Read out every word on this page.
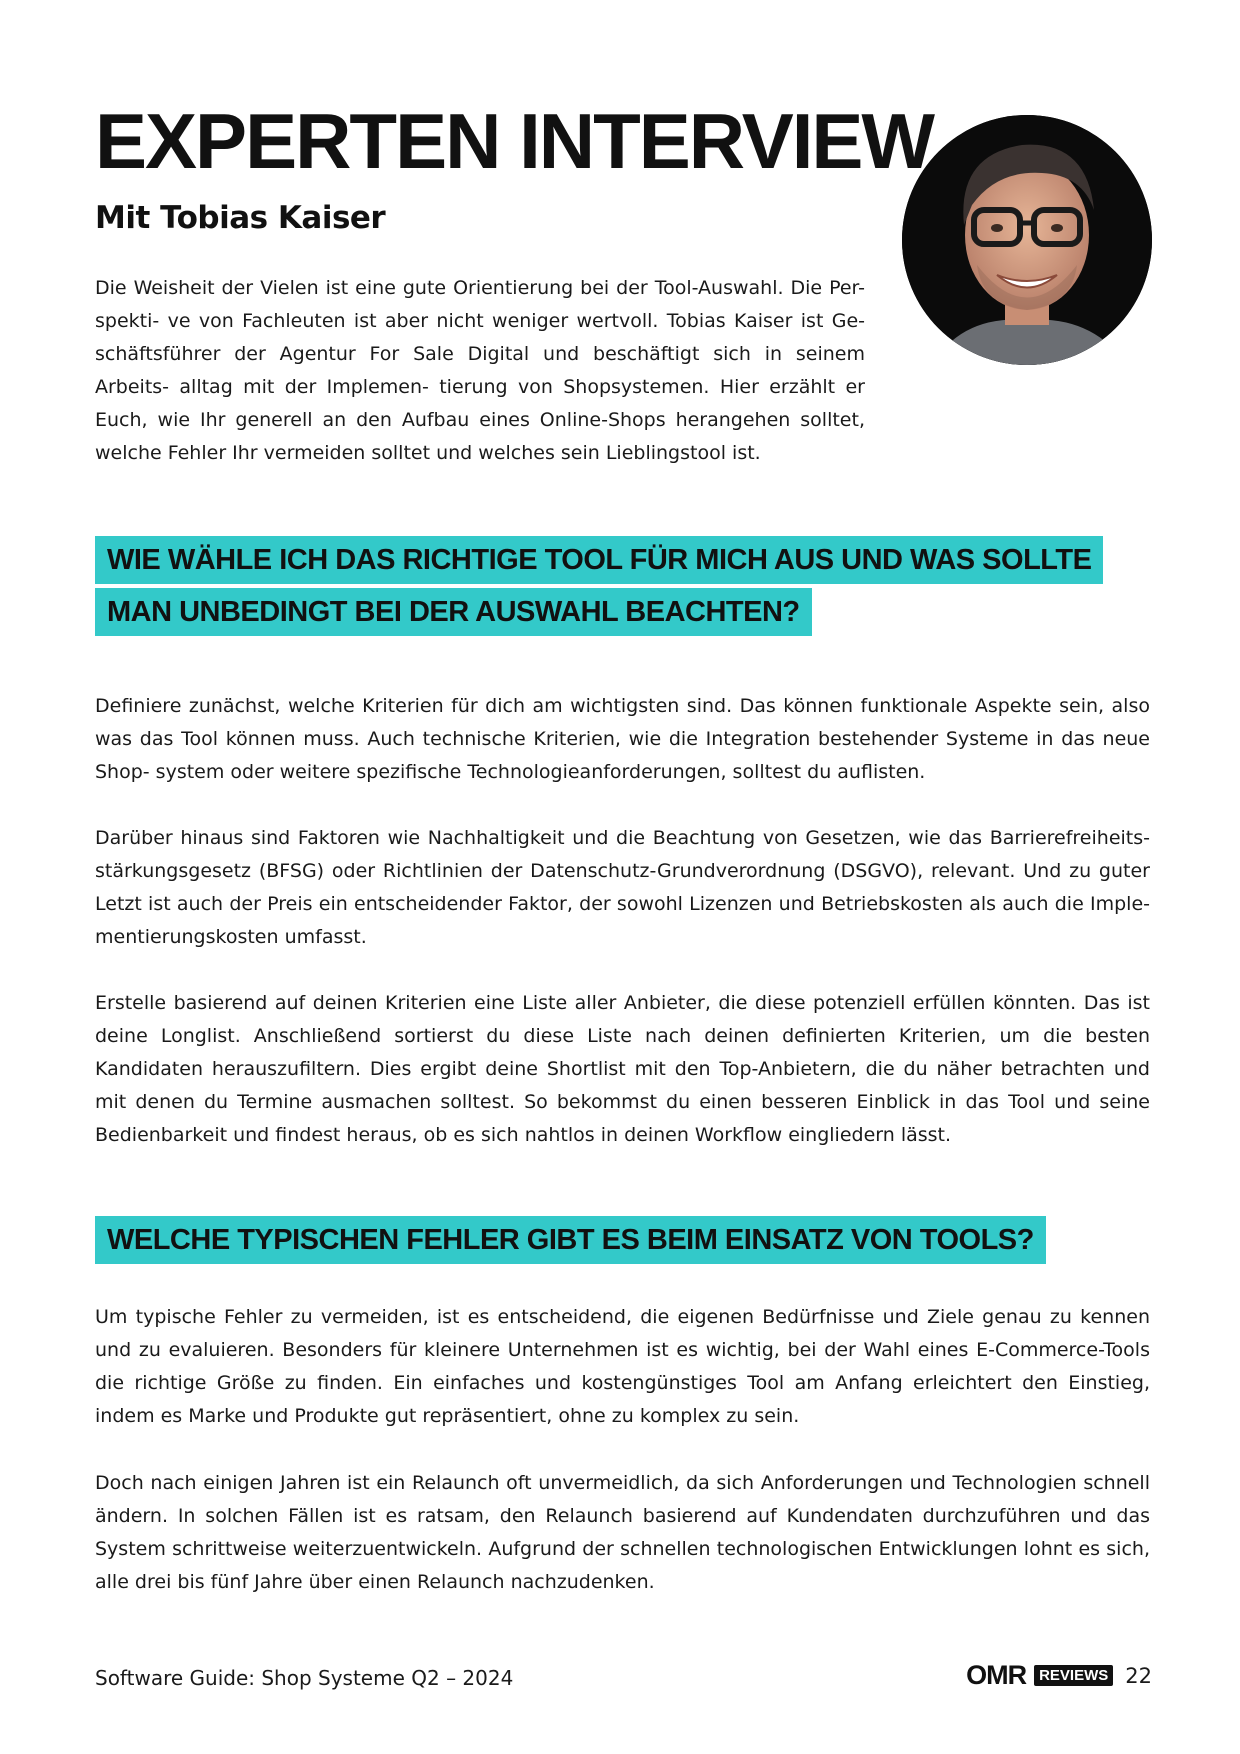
EXPERTEN INTERVIEW
Mit Tobias Kaiser

Die Weisheit der Vielen ist eine gute Orientierung bei der Tool-Auswahl. Die Per- spekti- ve von Fachleuten ist aber nicht weniger wertvoll. Tobias Kaiser ist Ge- schäftsführer der Agentur For Sale Digital und beschäftigt sich in seinem Arbeits- alltag mit der Implemen- tierung von Shopsystemen. Hier erzählt er Euch, wie Ihr generell an den Aufbau eines Online-Shops herangehen solltet, welche Fehler Ihr vermeiden solltet und welches sein Lieblingstool ist.

WIE WÄHLE ICH DAS RICHTIGE TOOL FÜR MICH AUS UND WAS SOLLTE
MAN UNBEDINGT BEI DER AUSWAHL BEACHTEN?

Definiere zunächst, welche Kriterien für dich am wichtigsten sind. Das können funktionale Aspekte sein, also was das Tool können muss. Auch technische Kriterien, wie die Integration bestehender Systeme in das neue Shop- system oder weitere spezifische Technologieanforderungen, solltest du auflisten.

Darüber hinaus sind Faktoren wie Nachhaltigkeit und die Beachtung von Gesetzen, wie das Barrierefreiheits- stärkungsgesetz (BFSG) oder Richtlinien der Datenschutz-Grundverordnung (DSGVO), relevant. Und zu guter Letzt ist auch der Preis ein entscheidender Faktor, der sowohl Lizenzen und Betriebskosten als auch die Imple- mentierungskosten umfasst.

Erstelle basierend auf deinen Kriterien eine Liste aller Anbieter, die diese potenziell erfüllen könnten. Das ist deine Longlist. Anschließend sortierst du diese Liste nach deinen definierten Kriterien, um die besten Kandidaten herauszufiltern. Dies ergibt deine Shortlist mit den Top-Anbietern, die du näher betrachten und mit denen du Termine ausmachen solltest. So bekommst du einen besseren Einblick in das Tool und seine Bedienbarkeit und findest heraus, ob es sich nahtlos in deinen Workflow eingliedern lässt.

WELCHE TYPISCHEN FEHLER GIBT ES BEIM EINSATZ VON TOOLS?

Um typische Fehler zu vermeiden, ist es entscheidend, die eigenen Bedürfnisse und Ziele genau zu kennen und zu evaluieren. Besonders für kleinere Unternehmen ist es wichtig, bei der Wahl eines E-Commerce-Tools die richtige Größe zu finden. Ein einfaches und kostengünstiges Tool am Anfang erleichtert den Einstieg, indem es Marke und Produkte gut repräsentiert, ohne zu komplex zu sein.

Doch nach einigen Jahren ist ein Relaunch oft unvermeidlich, da sich Anforderungen und Technologien schnell ändern. In solchen Fällen ist es ratsam, den Relaunch basierend auf Kundendaten durchzuführen und das System schrittweise weiterzuentwickeln. Aufgrund der schnellen technologischen Entwicklungen lohnt es sich, alle drei bis fünf Jahre über einen Relaunch nachzudenken.

Software Guide: Shop Systeme Q2 – 2024	OMR REVIEWS 22
